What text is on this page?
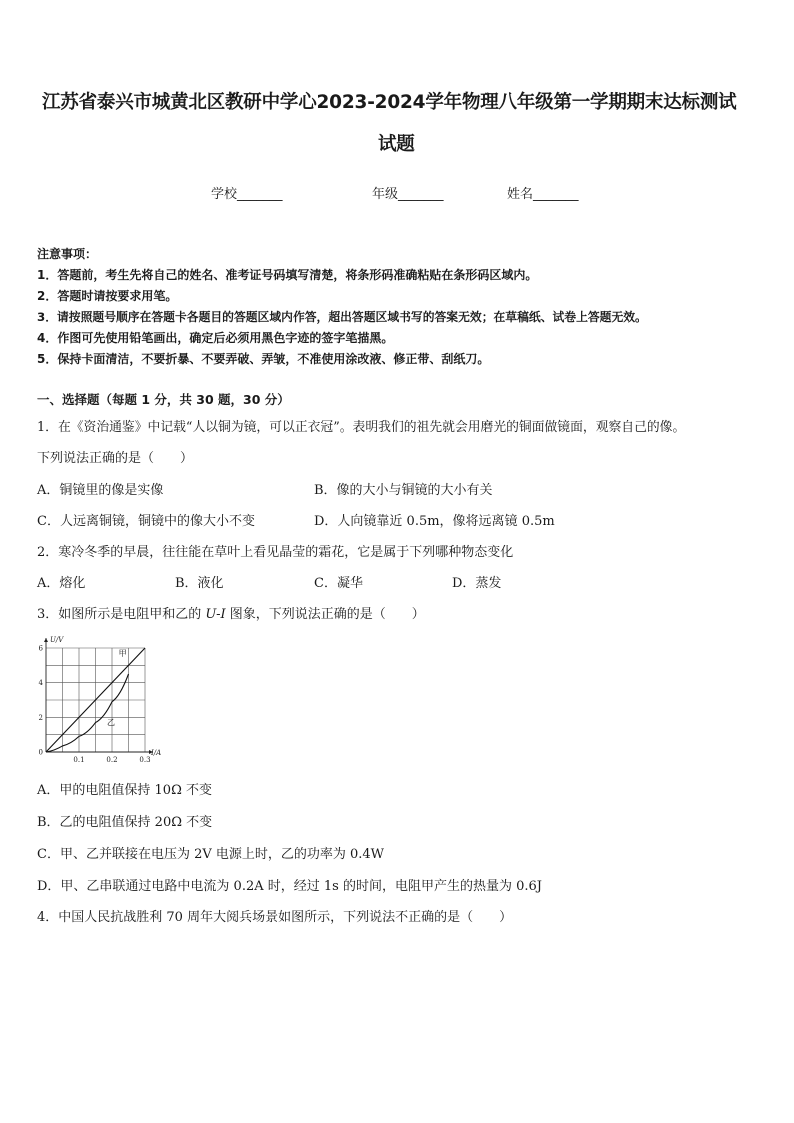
江苏省泰兴市城黄北区教研中学心2023-2024学年物理八年级第一学期期末达标测试
试题
学校_______	年级_______	姓名_______
注意事项：
1．答题前，考生先将自己的姓名、准考证号码填写清楚，将条形码准确粘贴在条形码区域内。
2．答题时请按要求用笔。
3．请按照题号顺序在答题卡各题目的答题区域内作答，超出答题区域书写的答案无效；在草稿纸、试卷上答题无效。
4．作图可先使用铅笔画出，确定后必须用黑色字迹的签字笔描黑。
5．保持卡面清洁，不要折暴、不要弄破、弄皱，不准使用涂改液、修正带、刮纸刀。
一、选择题（每题 1 分，共 30 题，30 分）
1．在《资治通鉴》中记载“人以铜为镜，可以正衣冠”。表明我们的祖先就会用磨光的铜面做镜面，观察自己的像。
下列说法正确的是（　　）
A．铜镜里的像是实像	B．像的大小与铜镜的大小有关
C．人远离铜镜，铜镜中的像大小不变	D．人向镜靠近 0.5m，像将远离镜 0.5m
2．寒冷冬季的早晨，往往能在草叶上看见晶莹的霜花，它是属于下列哪种物态变化
A．熔化	B．液化	C．凝华	D．蒸发
3．如图所示是电阻甲和乙的 U-I 图象，下列说法正确的是（　　）
U/V
I/A
0
2
4
6
0.1	0.2	0.3
甲
乙
A．甲的电阻值保持 10Ω 不变
B．乙的电阻值保持 20Ω 不变
C．甲、乙并联接在电压为 2V 电源上时，乙的功率为 0.4W
D．甲、乙串联通过电路中电流为 0.2A 时，经过 1s 的时间，电阻甲产生的热量为 0.6J
4．中国人民抗战胜利 70 周年大阅兵场景如图所示，下列说法不正确的是（　　）
